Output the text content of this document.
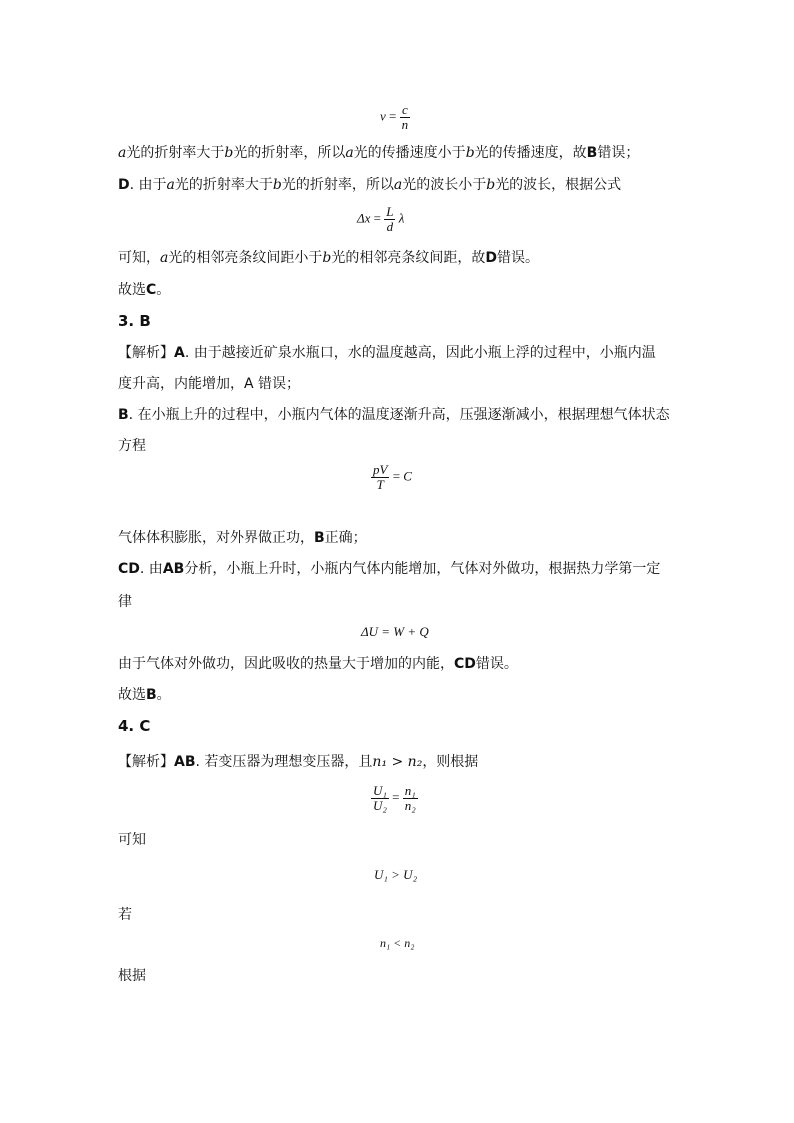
$v = \frac{c}{n}$
a光的折射率大于b光的折射率，所以a光的传播速度小于b光的传播速度，故B错误；
D. 由于a光的折射率大于b光的折射率，所以a光的波长小于b光的波长，根据公式
$\Delta x = \frac{L}{d}$ λ
可知，a光的相邻亮条纹间距小于b光的相邻亮条纹间距，故D错误。
故选C。
3. B
【解析】A. 由于越接近矿泉水瓶口，水的温度越高，因此小瓶上浮的过程中，小瓶内温
度升高，内能增加，A 错误；
B. 在小瓶上升的过程中，小瓶内气体的温度逐渐升高，压强逐渐减小，根据理想气体状态
方程
$\frac{pV}{T} = C$
气体体积膨胀，对外界做正功，B正确；
CD. 由AB分析，小瓶上升时，小瓶内气体内能增加，气体对外做功，根据热力学第一定
律
ΔU = W + Q
由于气体对外做功，因此吸收的热量大于增加的内能，CD错误。
故选B。
4. C
【解析】AB. 若变压器为理想变压器，且n₁ > n₂，则根据
$\frac{\text{U₁}}{\text{U₂}} = \frac{\text{n₁}}{\text{n₂}}$
可知
U₁ > U₂
若
n₁ < n₂
根据
